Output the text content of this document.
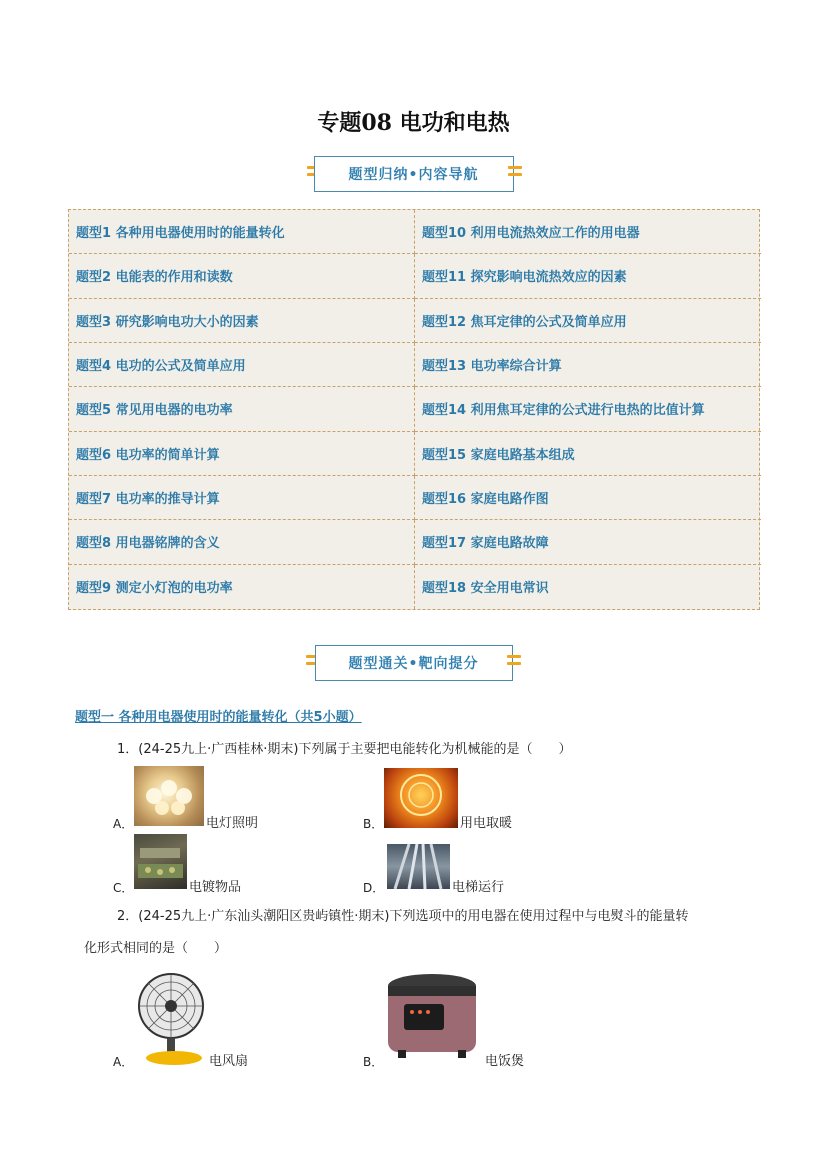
专题08 电功和电热
题型归纳•内容导航
题型1 各种用电器使用时的能量转化	题型10 利用电流热效应工作的用电器
题型2 电能表的作用和读数	题型11 探究影响电流热效应的因素
题型3 研究影响电功大小的因素	题型12 焦耳定律的公式及简单应用
题型4 电功的公式及简单应用	题型13 电功率综合计算
题型5 常见用电器的电功率	题型14 利用焦耳定律的公式进行电热的比值计算
题型6 电功率的简单计算	题型15 家庭电路基本组成
题型7 电功率的推导计算	题型16 家庭电路作图
题型8 用电器铭牌的含义	题型17 家庭电路故障
题型9 测定小灯泡的电功率	题型18 安全用电常识
题型通关•靶向提分
题型一 各种用电器使用时的能量转化（共5小题）
1．(24-25九上·广西桂林·期末)下列属于主要把电能转化为机械能的是（　　）
A．	电灯照明	B．	用电取暖
C．	电镀物品	D．	电梯运行
2．(24-25九上·广东汕头潮阳区贵屿镇性·期末)下列选项中的用电器在使用过程中与电熨斗的能量转
化形式相同的是（　　）
A．	电风扇	B．	电饭煲
